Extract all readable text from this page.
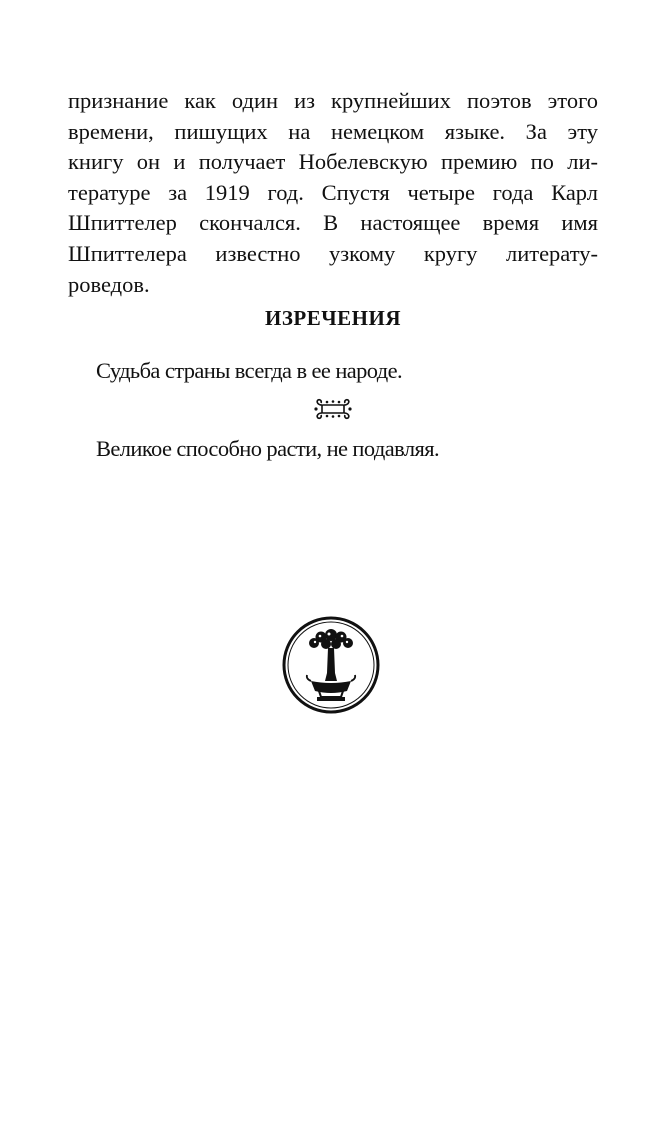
признание как один из крупнейших поэтов этого
времени, пишущих на немецком языке. За эту
книгу он и получает Нобелевскую премию по ли-
тературе за 1919 год. Спустя четыре года Карл
Шпиттелер скончался. В настоящее время имя
Шпиттелера известно узкому кругу литерату-
роведов.
ИЗРЕЧЕНИЯ
Судьба страны всегда в ее народе.
Великое способно расти, не подавляя.
